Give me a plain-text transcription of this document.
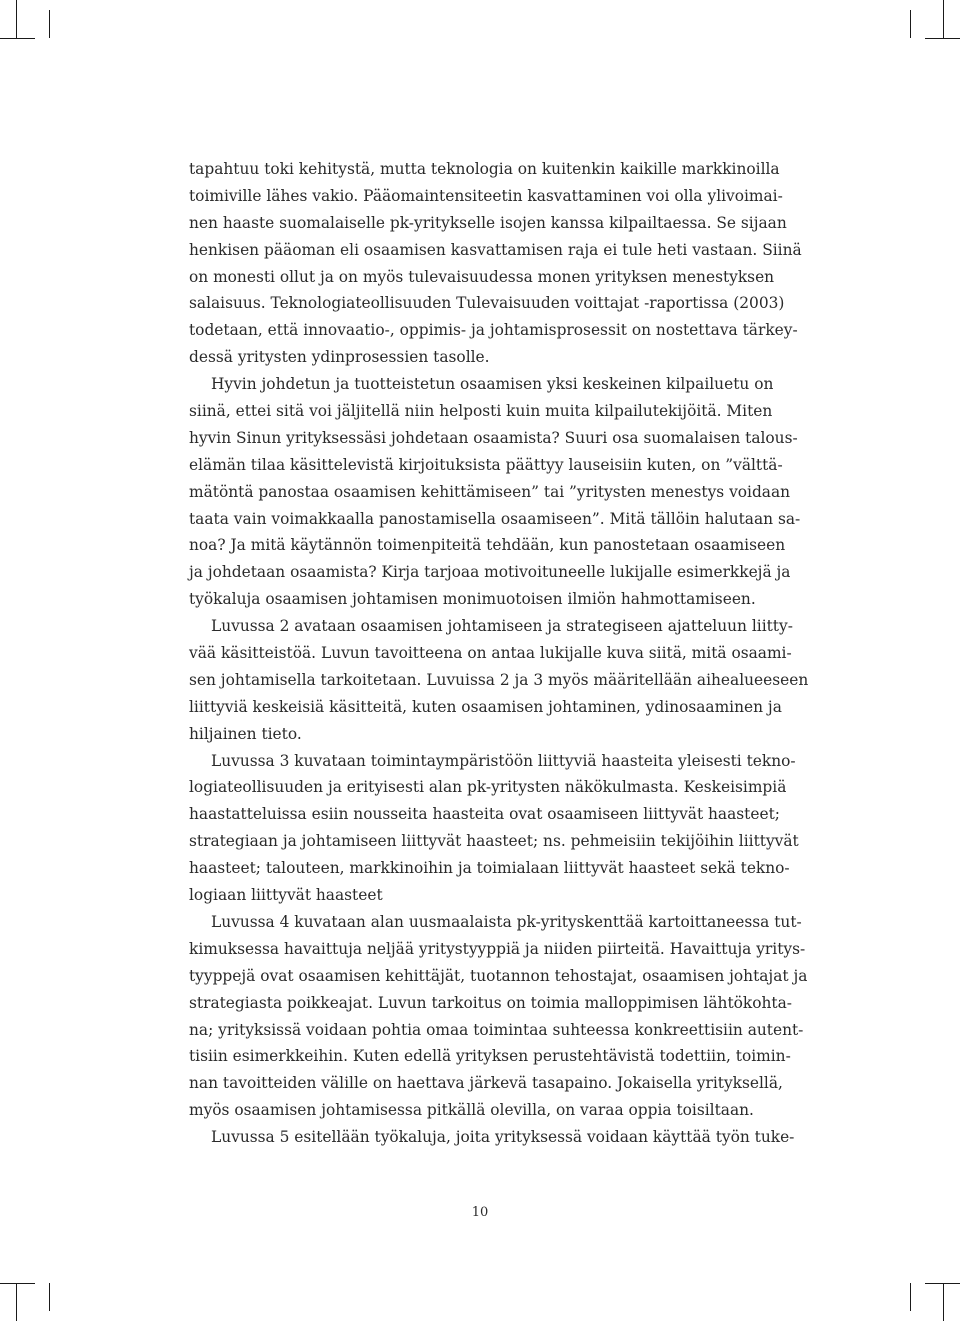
tapahtuu toki kehitystä, mutta teknologia on kuitenkin kaikille markkinoilla
toimiville lähes vakio. Pääomaintensiteetin kasvattaminen voi olla ylivoimai-
nen haaste suomalaiselle pk-yritykselle isojen kanssa kilpailtaessa. Se sijaan
henkisen pääoman eli osaamisen kasvattamisen raja ei tule heti vastaan. Siinä
on monesti ollut ja on myös tulevaisuudessa monen yrityksen menestyksen
salaisuus. Teknologiateollisuuden Tulevaisuuden voittajat -raportissa (2003)
todetaan, että innovaatio-, oppimis- ja johtamisprosessit on nostettava tärkey-
dessä yritysten ydinprosessien tasolle.
Hyvin johdetun ja tuotteistetun osaamisen yksi keskeinen kilpailuetu on
siinä, ettei sitä voi jäljitellä niin helposti kuin muita kilpailutekijöitä. Miten
hyvin Sinun yrityksessäsi johdetaan osaamista? Suuri osa suomalaisen talous-
elämän tilaa käsittelevistä kirjoituksista päättyy lauseisiin kuten, on ”välttä-
mätöntä panostaa osaamisen kehittämiseen” tai ”yritysten menestys voidaan
taata vain voimakkaalla panostamisella osaamiseen”. Mitä tällöin halutaan sa-
noa? Ja mitä käytännön toimenpiteitä tehdään, kun panostetaan osaamiseen
ja johdetaan osaamista? Kirja tarjoaa motivoituneelle lukijalle esimerkkejä ja
työkaluja osaamisen johtamisen monimuotoisen ilmiön hahmottamiseen.
Luvussa 2 avataan osaamisen johtamiseen ja strategiseen ajatteluun liitty-
vää käsitteistöä. Luvun tavoitteena on antaa lukijalle kuva siitä, mitä osaami-
sen johtamisella tarkoitetaan. Luvuissa 2 ja 3 myös määritellään aihealueeseen
liittyviä keskeisiä käsitteitä, kuten osaamisen johtaminen, ydinosaaminen ja
hiljainen tieto.
Luvussa 3 kuvataan toimintaympäristöön liittyviä haasteita yleisesti tekno-
logiateollisuuden ja erityisesti alan pk-yritysten näkökulmasta. Keskeisimpiä
haastatteluissa esiin nousseita haasteita ovat osaamiseen liittyvät haasteet;
strategiaan ja johtamiseen liittyvät haasteet; ns. pehmeisiin tekijöihin liittyvät
haasteet; talouteen, markkinoihin ja toimialaan liittyvät haasteet sekä tekno-
logiaan liittyvät haasteet
Luvussa 4 kuvataan alan uusmaalaista pk-yrityskenttää kartoittaneessa tut-
kimuksessa havaittuja neljää yritystyyppiä ja niiden piirteitä. Havaittuja yritys-
tyyppejä ovat osaamisen kehittäjät, tuotannon tehostajat, osaamisen johtajat ja
strategiasta poikkeajat. Luvun tarkoitus on toimia malloppimisen lähtökohta-
na; yrityksissä voidaan pohtia omaa toimintaa suhteessa konkreettisiin autent-
tisiin esimerkkeihin. Kuten edellä yrityksen perustehtävistä todettiin, toimin-
nan tavoitteiden välille on haettava järkevä tasapaino. Jokaisella yrityksellä,
myös osaamisen johtamisessa pitkällä olevilla, on varaa oppia toisiltaan.
Luvussa 5 esitellään työkaluja, joita yrityksessä voidaan käyttää työn tuke-
10
